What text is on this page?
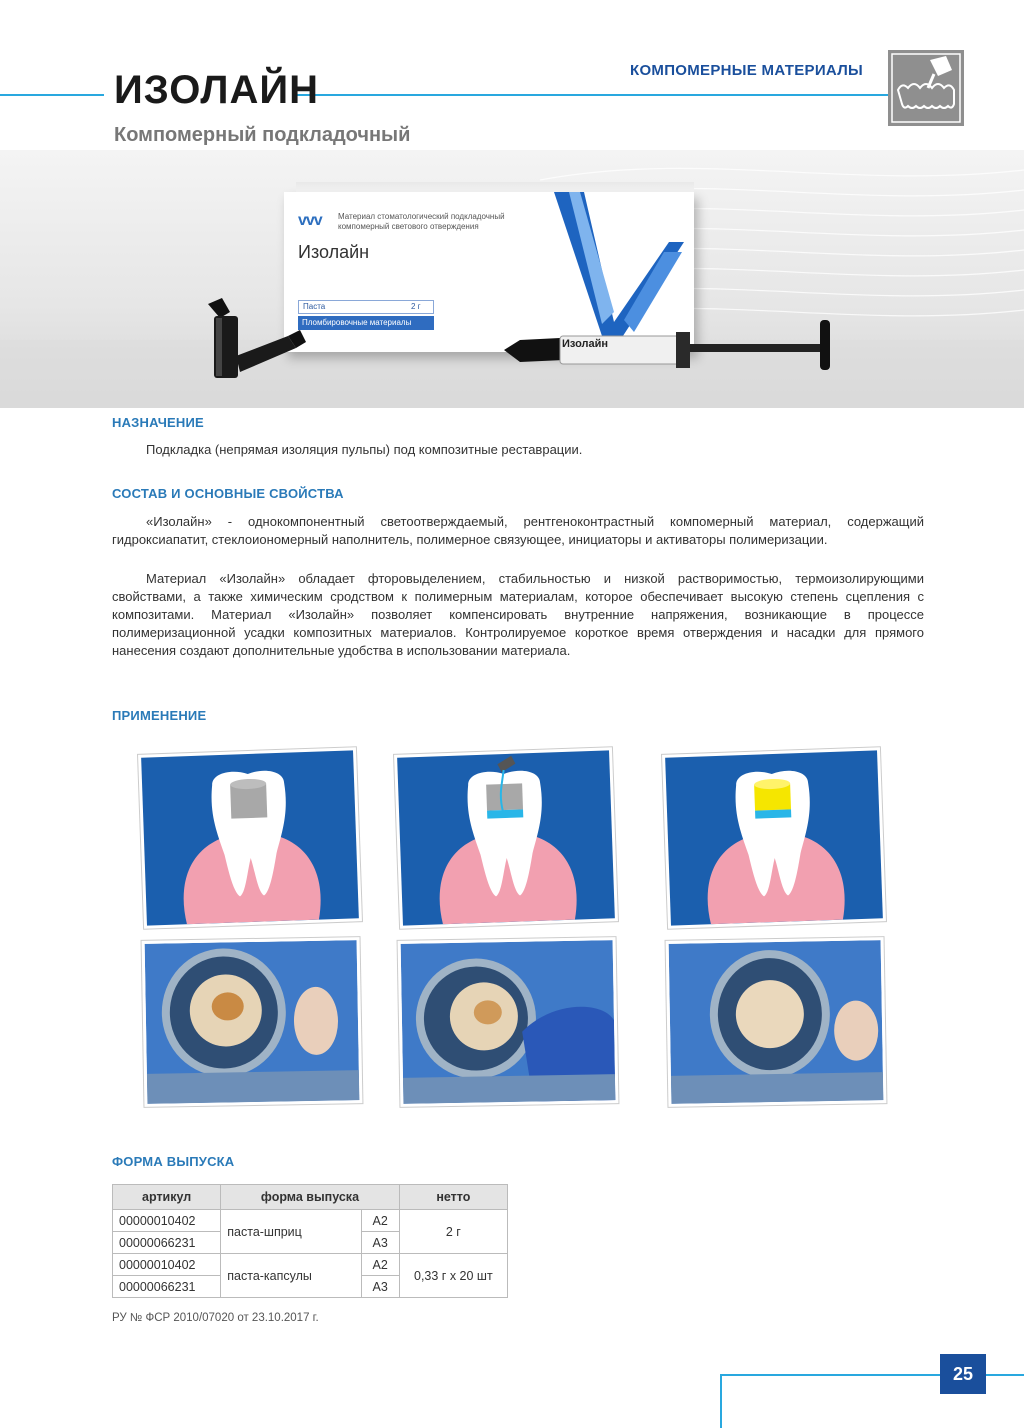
ИЗОЛАЙН
Компомерный подкладочный
КОМПОМЕРНЫЕ МАТЕРИАЛЫ
vvv Материал стоматологический подкладочный компомерный светового отверждения
Изолайн
Паста	2 г
Пломбировочные материалы
Изолайн
НАЗНАЧЕНИЕ
Подкладка (непрямая изоляция пульпы) под композитные реставрации.
СОСТАВ И ОСНОВНЫЕ СВОЙСТВА
«Изолайн» - однокомпонентный светоотверждаемый, рентгеноконтрастный компомерный материал, содержащий гидроксиапатит, стеклоиономерный наполнитель, полимерное связующее, инициаторы и активаторы полимеризации.
Материал «Изолайн» обладает фторовыделением, стабильностью и низкой растворимостью, термоизолирующими свойствами, а также химическим сродством к полимерным материалам, которое обеспечивает высокую степень сцепления с композитами. Материал «Изолайн» позволяет компенсировать внутренние напряжения, возникающие в процессе полимеризационной усадки композитных материалов. Контролируемое короткое время отверждения и насадки для прямого нанесения создают дополнительные удобства в использовании материала.
ПРИМЕНЕНИЕ
ФОРМА ВЫПУСКА
артикул	форма выпуска		нетто
00000010402	паста-шприц	А2	2 г
00000066231		А3	
00000010402	паста-капсулы	А2	0,33 г х 20 шт
00000066231		А3	
РУ № ФСР 2010/07020 от 23.10.2017 г.
25
